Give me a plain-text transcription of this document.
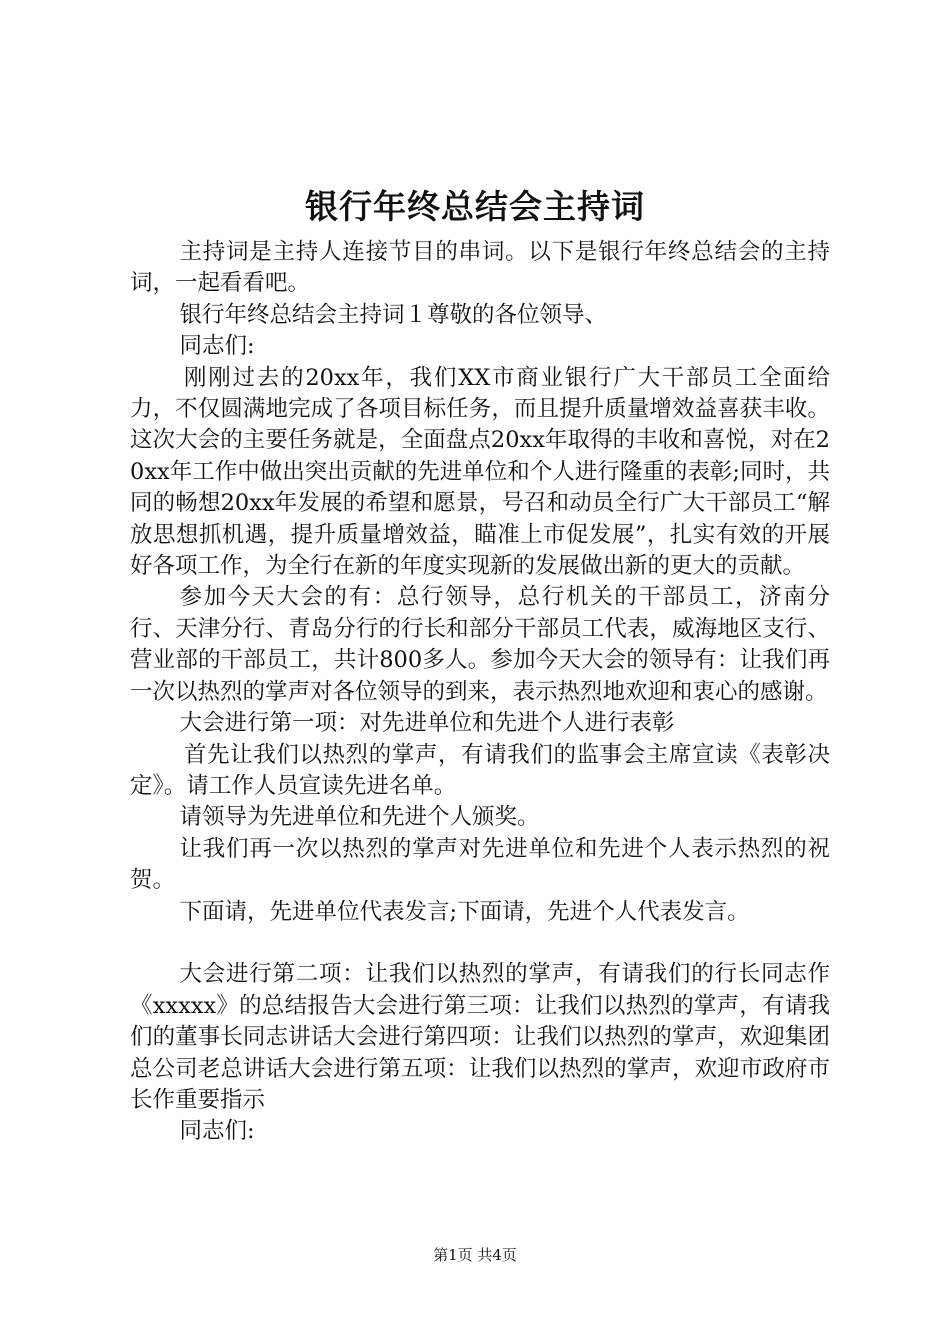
银行年终总结会主持词

主持词是主持人连接节目的串词。以下是银行年终总结会的主持词，一起看看吧。

银行年终总结会主持词１尊敬的各位领导、

同志们:

刚刚过去的20xx年，我们XX市商业银行广大干部员工全面给力，不仅圆满地完成了各项目标任务，而且提升质量增效益喜获丰收。这次大会的主要任务就是，全面盘点20xx年取得的丰收和喜悦，对在20xx年工作中做出突出贡献的先进单位和个人进行隆重的表彰;同时，共同的畅想20xx年发展的希望和愿景，号召和动员全行广大干部员工“解放思想抓机遇，提升质量增效益，瞄准上市促发展”，扎实有效的开展好各项工作，为全行在新的年度实现新的发展做出新的更大的贡献。

参加今天大会的有：总行领导，总行机关的干部员工，济南分行、天津分行、青岛分行的行长和部分干部员工代表，威海地区支行、营业部的干部员工，共计800多人。参加今天大会的领导有：让我们再一次以热烈的掌声对各位领导的到来，表示热烈地欢迎和衷心的感谢。

大会进行第一项：对先进单位和先进个人进行表彰

首先让我们以热烈的掌声，有请我们的监事会主席宣读《表彰决定》。请工作人员宣读先进名单。

请领导为先进单位和先进个人颁奖。

让我们再一次以热烈的掌声对先进单位和先进个人表示热烈的祝贺。

下面请，先进单位代表发言;下面请，先进个人代表发言。

大会进行第二项：让我们以热烈的掌声，有请我们的行长同志作《xxxxx》的总结报告大会进行第三项：让我们以热烈的掌声，有请我们的董事长同志讲话大会进行第四项：让我们以热烈的掌声，欢迎集团总公司老总讲话大会进行第五项：让我们以热烈的掌声，欢迎市政府市长作重要指示

同志们:

第1页 共4页
